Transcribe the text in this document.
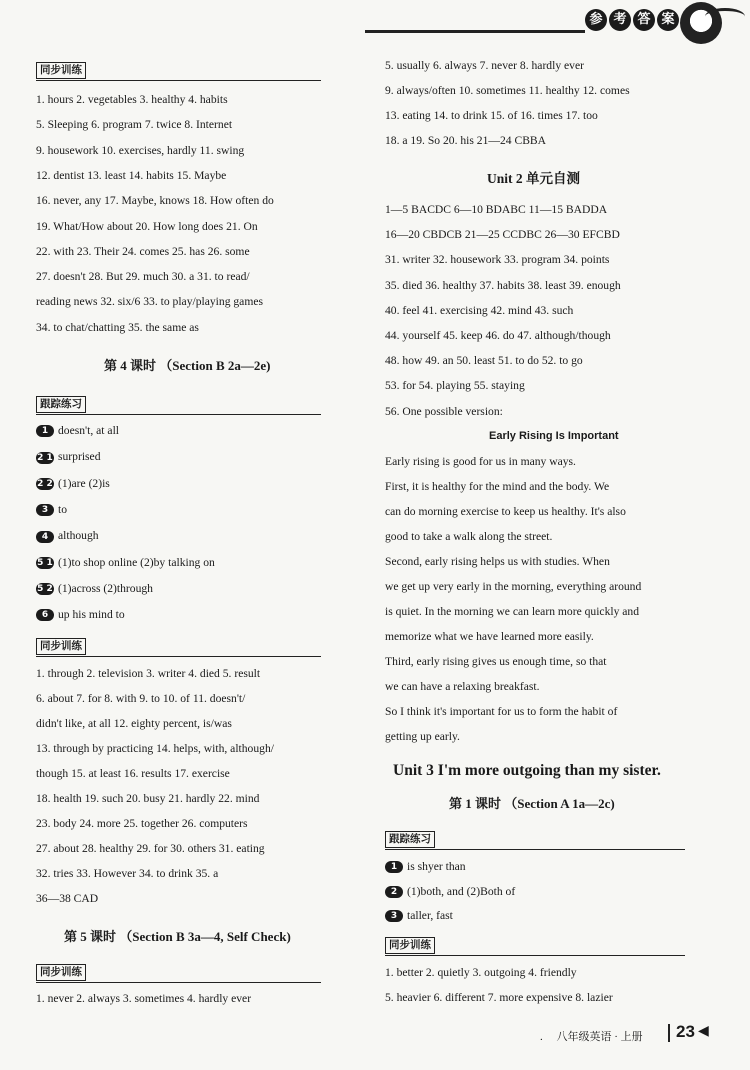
参 考 答 案
同步训练
1. hours 2. vegetables 3. healthy 4. habits
5. Sleeping 6. program 7. twice 8. Internet
9. housework 10. exercises, hardly 11. swing
12. dentist 13. least 14. habits 15. Maybe
16. never, any 17. Maybe, knows 18. How often do
19. What/How about 20. How long does 21. On
22. with 23. Their 24. comes 25. has 26. some
27. doesn't 28. But 29. much 30. a 31. to read/
reading news 32. six/6 33. to play/playing games
34. to chat/chatting 35. the same as
第 4 课时 （Section B 2a—2e)
跟踪练习
1 doesn't, at all
2 1 surprised
2 2 (1)are (2)is
3 to
4 although
5 1 (1)to shop online (2)by talking on
5 2 (1)across (2)through
6 up his mind to
同步训练
1. through 2. television 3. writer 4. died 5. result
6. about 7. for 8. with 9. to 10. of 11. doesn't/
didn't like, at all 12. eighty percent, is/was
13. through by practicing 14. helps, with, although/
though 15. at least 16. results 17. exercise
18. health 19. such 20. busy 21. hardly 22. mind
23. body 24. more 25. together 26. computers
27. about 28. healthy 29. for 30. others 31. eating
32. tries 33. However 34. to drink 35. a
36—38 CAD
第 5 课时 （Section B 3a—4, Self Check)
同步训练
1. never 2. always 3. sometimes 4. hardly ever
5. usually 6. always 7. never 8. hardly ever
9. always/often 10. sometimes 11. healthy 12. comes
13. eating 14. to drink 15. of 16. times 17. too
18. a 19. So 20. his 21—24 CBBA
Unit 2 单元自测
1—5 BACDC 6—10 BDABC 11—15 BADDA
16—20 CBDCB 21—25 CCDBC 26—30 EFCBD
31. writer 32. housework 33. program 34. points
35. died 36. healthy 37. habits 38. least 39. enough
40. feel 41. exercising 42. mind 43. such
44. yourself 45. keep 46. do 47. although/though
48. how 49. an 50. least 51. to do 52. to go
53. for 54. playing 55. staying
56. One possible version:
Early Rising Is Important
Early rising is good for us in many ways.
First, it is healthy for the mind and the body. We
can do morning exercise to keep us healthy. It's also
good to take a walk along the street.
Second, early rising helps us with studies. When
we get up very early in the morning, everything around
is quiet. In the morning we can learn more quickly and
memorize what we have learned more easily.
Third, early rising gives us enough time, so that
we can have a relaxing breakfast.
So I think it's important for us to form the habit of
getting up early.
Unit 3 I'm more outgoing than my sister.
第 1 课时 （Section A 1a—2c)
跟踪练习
1 is shyer than
2 (1)both, and (2)Both of
3 taller, fast
同步训练
1. better 2. quietly 3. outgoing 4. friendly
5. heavier 6. different 7. more expensive 8. lazier
. 八年级英语 · 上册 23 ◀
